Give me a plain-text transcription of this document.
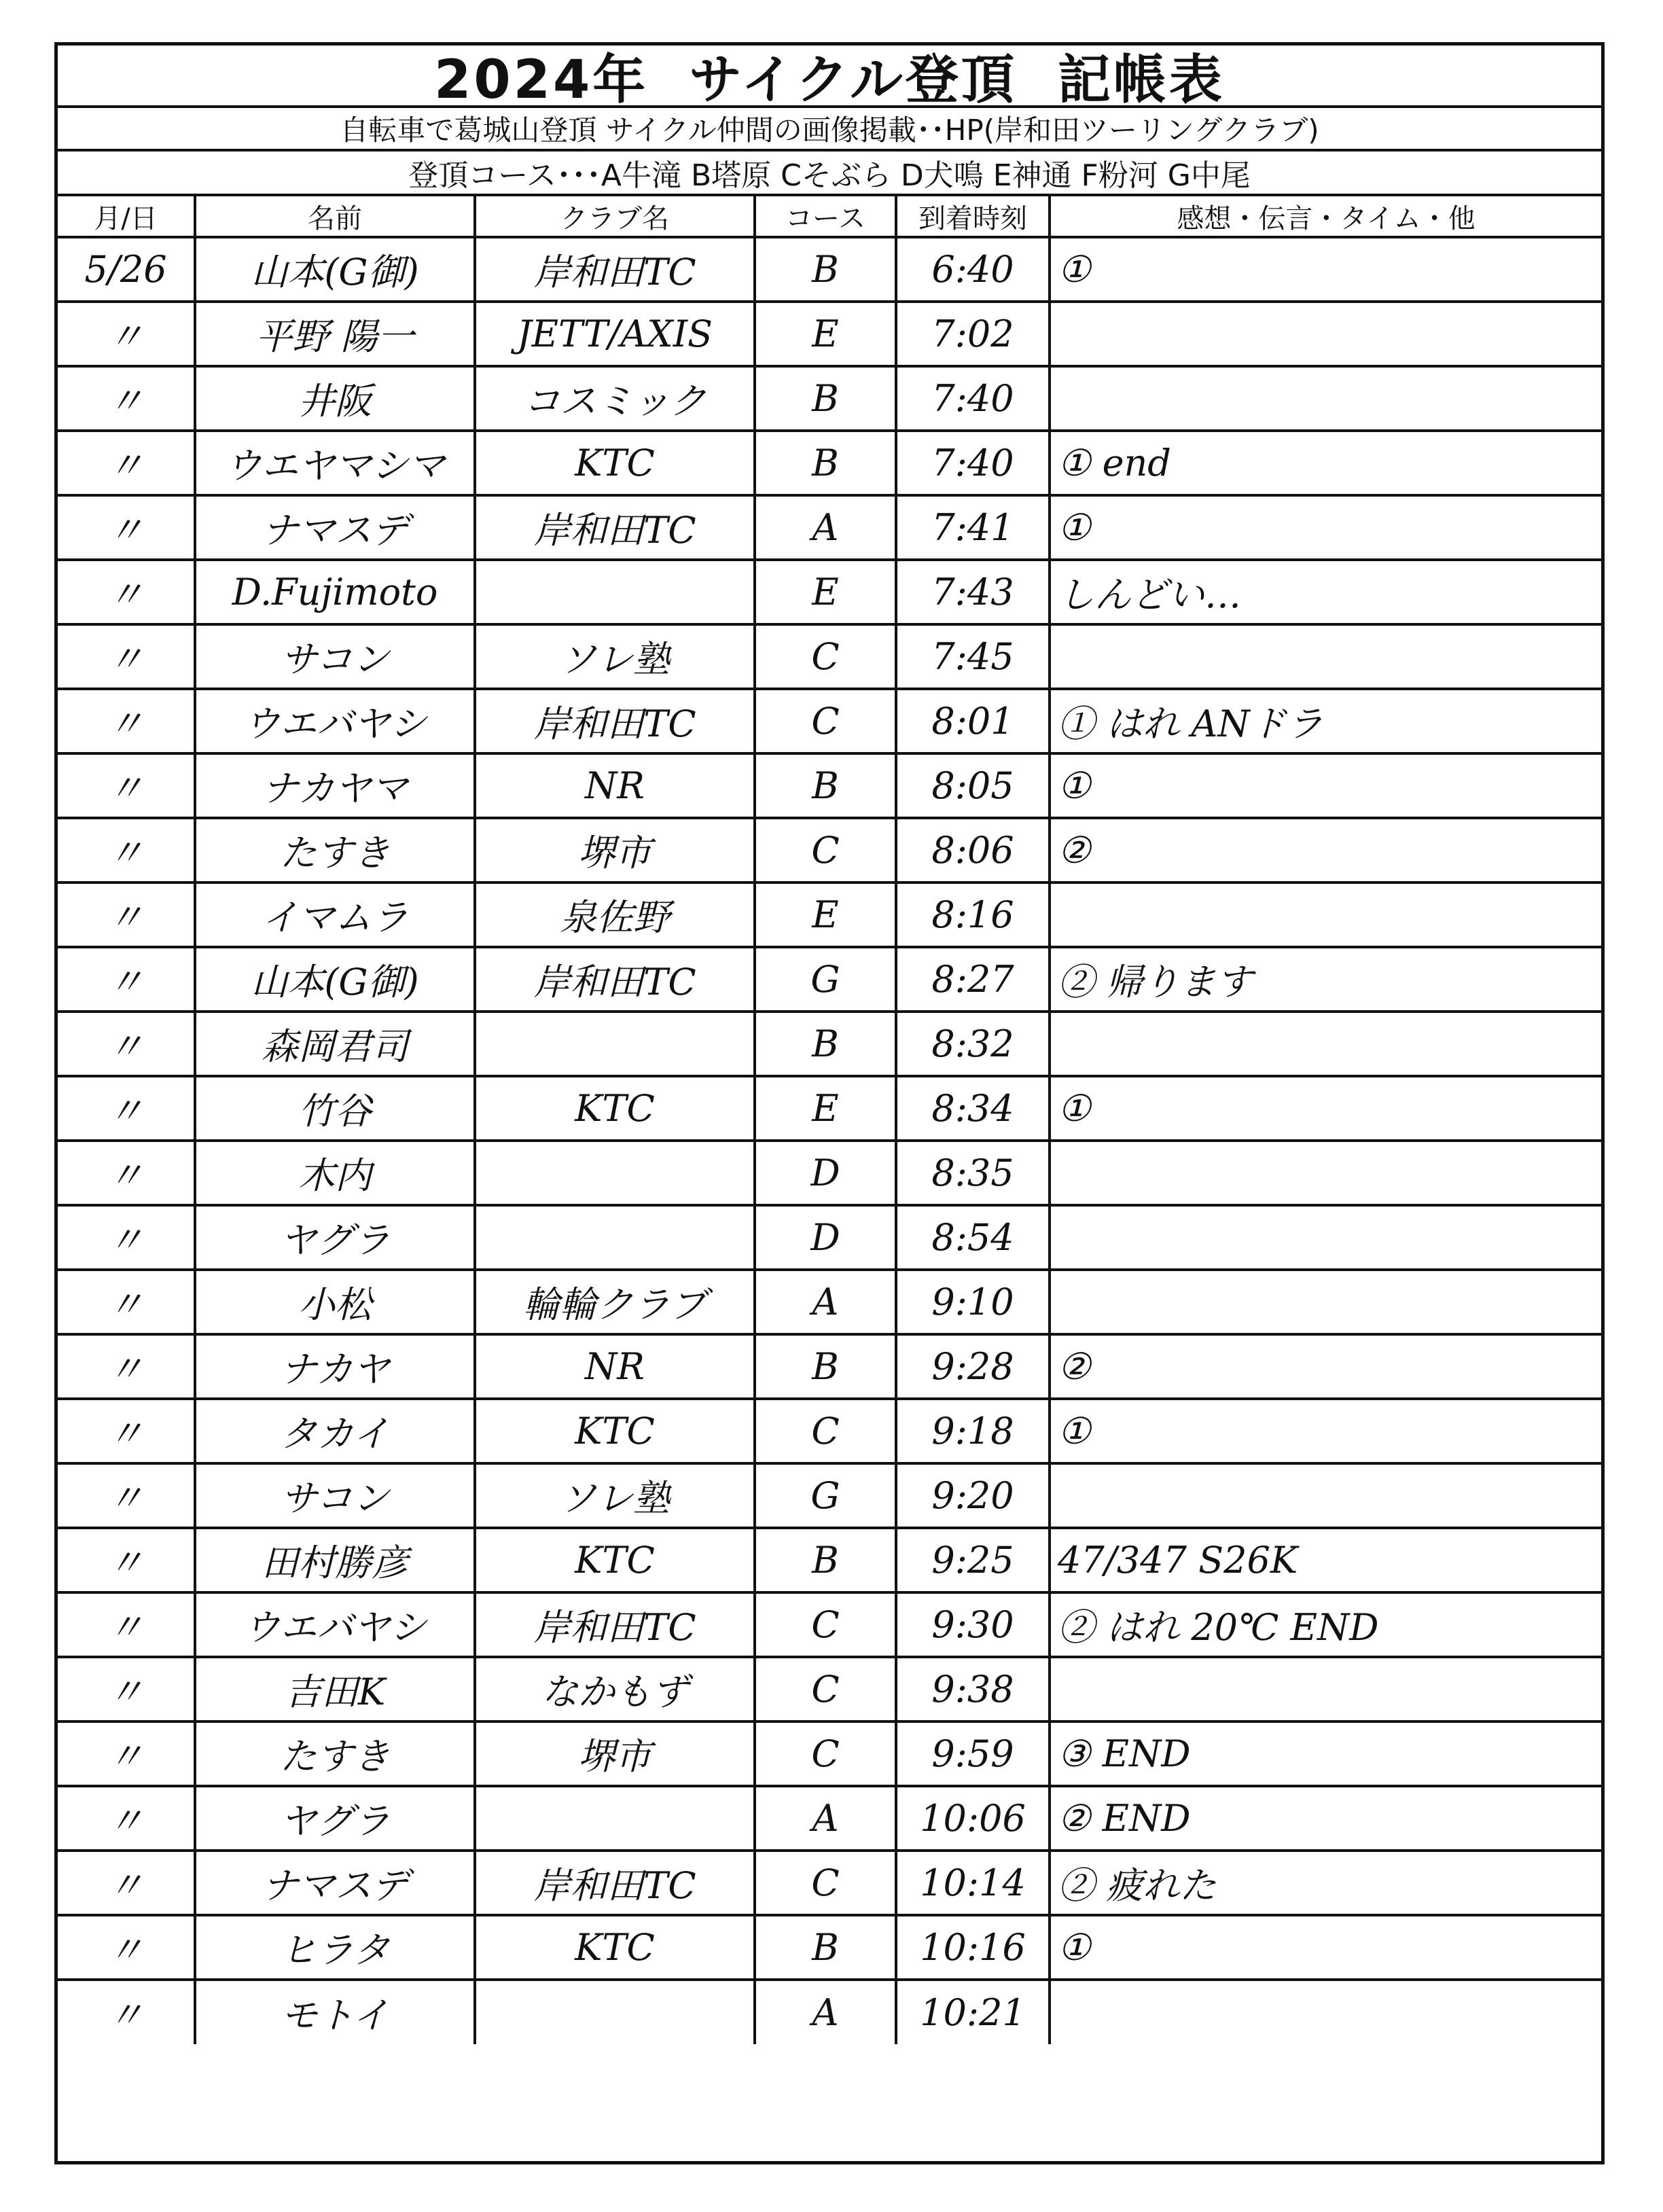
2024年 サイクル登頂 記帳表
自転車で葛城山登頂 サイクル仲間の画像掲載･･HP(岸和田ツーリングクラブ)
登頂コース･･･A牛滝 B塔原 Cそぶら D犬鳴 E神通 F粉河 G中尾
月/日	名前	クラブ名	コース	到着時刻	感想・伝言・タイム・他
5/26	山本(G御)	岸和田TC	B	6:40	①
〃	平野 陽一	JETT/AXIS	E	7:02	
〃	井阪	コスミック	B	7:40	
〃	ウエヤマシマ	KTC	B	7:40	① end
〃	ナマスデ	岸和田TC	A	7:41	①
〃	D.Fujimoto		E	7:43	しんどい…
〃	サコン	ソレ塾	C	7:45	
〃	ウエバヤシ	岸和田TC	C	8:01	① はれ ANドラ
〃	ナカヤマ	NR	B	8:05	①
〃	たすき	堺市	C	8:06	②
〃	イマムラ	泉佐野	E	8:16	
〃	山本(G御)	岸和田TC	G	8:27	② 帰ります
〃	森岡君司		B	8:32	
〃	竹谷	KTC	E	8:34	①
〃	木内		D	8:35	
〃	ヤグラ		D	8:54	
〃	小松	輪輪クラブ	A	9:10	
〃	ナカヤ	NR	B	9:28	②
〃	タカイ	KTC	C	9:18	①
〃	サコン	ソレ塾	G	9:20	
〃	田村勝彦	KTC	B	9:25	47/347 S26K
〃	ウエバヤシ	岸和田TC	C	9:30	② はれ 20℃ END
〃	吉田K	なかもず	C	9:38	
〃	たすき	堺市	C	9:59	③ END
〃	ヤグラ		A	10:06	② END
〃	ナマスデ	岸和田TC	C	10:14	② 疲れた
〃	ヒラタ	KTC	B	10:16	①
〃	モトイ		A	10:21	
